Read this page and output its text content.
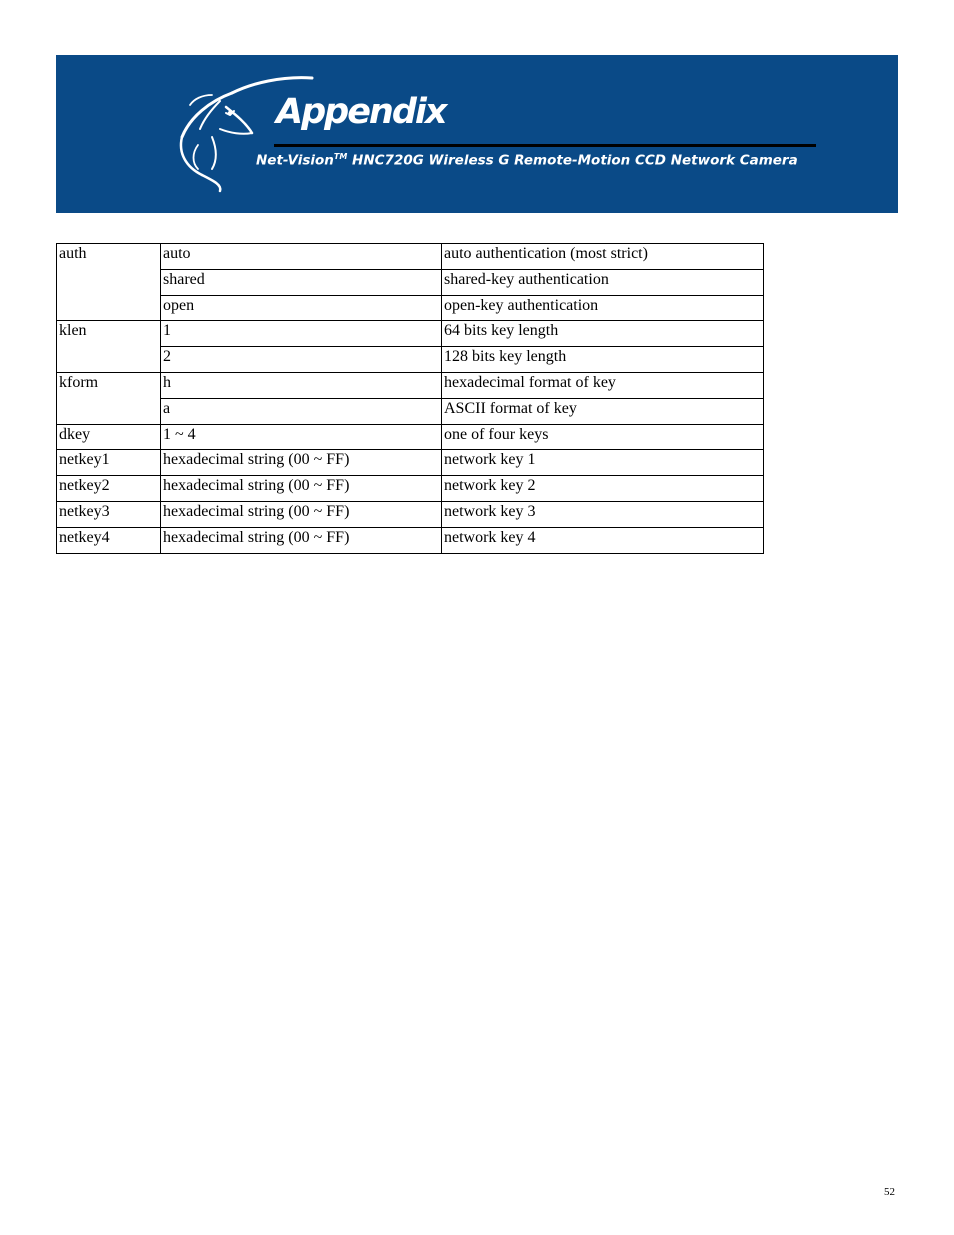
Appendix
Net-Vision™ HNC720G Wireless G Remote-Motion CCD Network Camera
auth	auto	auto authentication (most strict)
	shared	shared-key authentication
	open	open-key authentication
klen	1	64 bits key length
	2	128 bits key length
kform	h	hexadecimal format of key
	a	ASCII format of key
dkey	1 ~ 4	one of four keys
netkey1	hexadecimal string (00 ~ FF)	network key 1
netkey2	hexadecimal string (00 ~ FF)	network key 2
netkey3	hexadecimal string (00 ~ FF)	network key 3
netkey4	hexadecimal string (00 ~ FF)	network key 4
52
